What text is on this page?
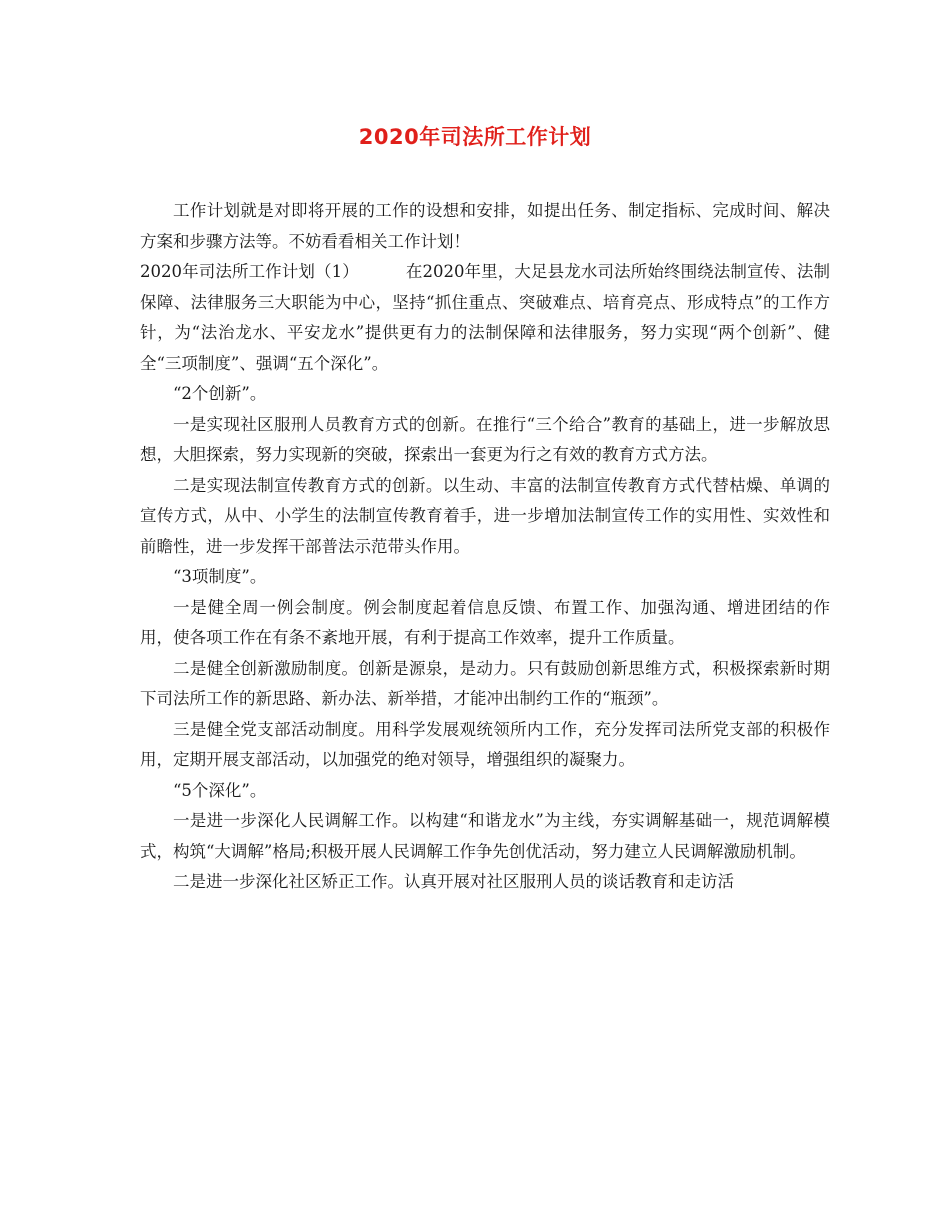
2020年司法所工作计划

工作计划就是对即将开展的工作的设想和安排，如提出任务、制定指标、完成时间、解决方案和步骤方法等。不妨看看相关工作计划！

2020年司法所工作计划（1）　　　 在2020年里，大足县龙水司法所始终围绕法制宣传、法制保障、法律服务三大职能为中心，坚持“抓住重点、突破难点、培育亮点、形成特点”的工作方针，为“法治龙水、平安龙水”提供更有力的法制保障和法律服务，努力实现“两个创新”、健全“三项制度”、强调“五个深化”。

“2个创新”。

一是实现社区服刑人员教育方式的创新。在推行“三个给合”教育的基础上，进一步解放思想，大胆探索，努力实现新的突破，探索出一套更为行之有效的教育方式方法。

二是实现法制宣传教育方式的创新。以生动、丰富的法制宣传教育方式代替枯燥、单调的宣传方式，从中、小学生的法制宣传教育着手，进一步增加法制宣传工作的实用性、实效性和前瞻性，进一步发挥干部普法示范带头作用。

“3项制度”。

一是健全周一例会制度。例会制度起着信息反馈、布置工作、加强沟通、增进团结的作用，使各项工作在有条不紊地开展，有利于提高工作效率，提升工作质量。

二是健全创新激励制度。创新是源泉，是动力。只有鼓励创新思维方式，积极探索新时期下司法所工作的新思路、新办法、新举措，才能冲出制约工作的“瓶颈”。

三是健全党支部活动制度。用科学发展观统领所内工作，充分发挥司法所党支部的积极作用，定期开展支部活动，以加强党的绝对领导，增强组织的凝聚力。

“5个深化”。

一是进一步深化人民调解工作。以构建“和谐龙水”为主线，夯实调解基础一，规范调解模式，构筑“大调解”格局;积极开展人民调解工作争先创优活动，努力建立人民调解激励机制。

二是进一步深化社区矫正工作。认真开展对社区服刑人员的谈话教育和走访活
